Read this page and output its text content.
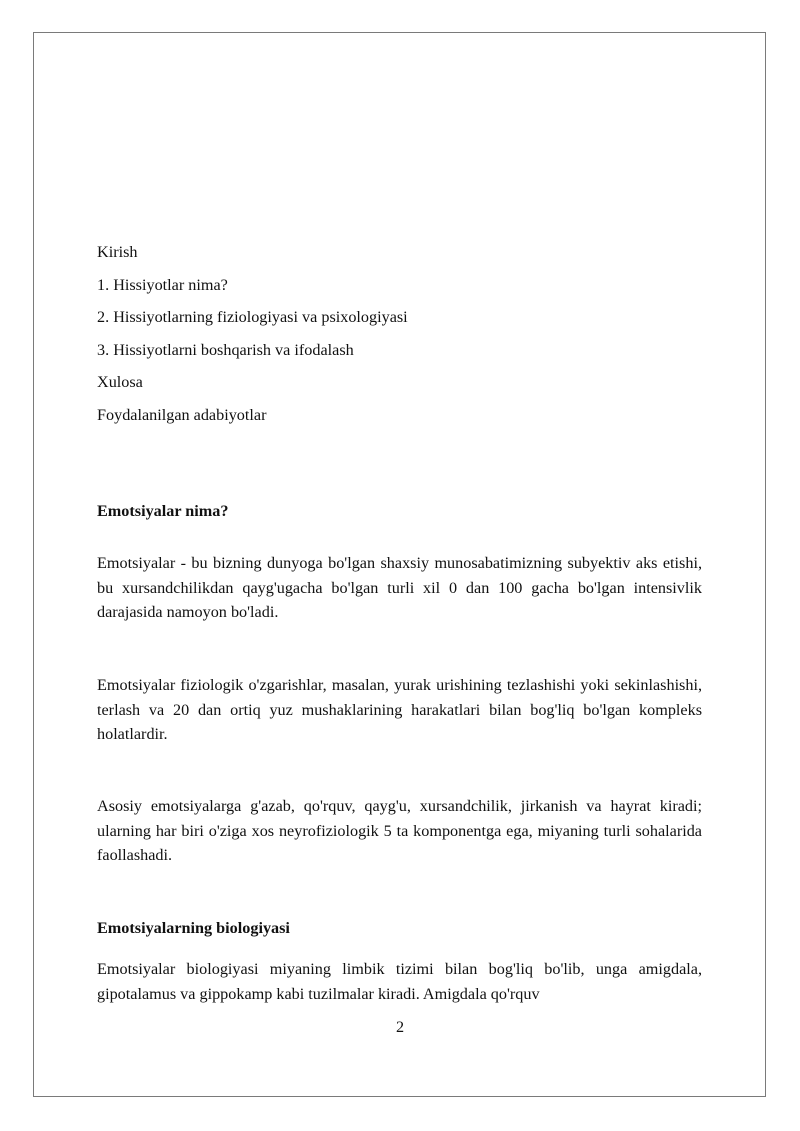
Kirish
1. Hissiyotlar nima?
2. Hissiyotlarning fiziologiyasi va psixologiyasi
3. Hissiyotlarni boshqarish va ifodalash
Xulosa
Foydalanilgan adabiyotlar
Emotsiyalar nima?
Emotsiyalar - bu bizning dunyoga bo'lgan shaxsiy munosabatimizning subyektiv aks etishi, bu xursandchilikdan qayg'ugacha bo'lgan turli xil 0 dan 100 gacha bo'lgan intensivlik darajasida namoyon bo'ladi.
Emotsiyalar fiziologik o'zgarishlar, masalan, yurak urishining tezlashishi yoki sekinlashishi, terlash va 20 dan ortiq yuz mushaklarining harakatlari bilan bog'liq bo'lgan kompleks holatlardir.
Asosiy emotsiyalarga g'azab, qo'rquv, qayg'u, xursandchilik, jirkanish va hayrat kiradi; ularning har biri o'ziga xos neyrofiziologik 5 ta komponentga ega, miyaning turli sohalarida faollashadi.
Emotsiyalarning biologiyasi
Emotsiyalar biologiyasi miyaning limbik tizimi bilan bog'liq bo'lib, unga amigdala, gipotalamus va gippokamp kabi tuzilmalar kiradi. Amigdala qo'rquv
2
